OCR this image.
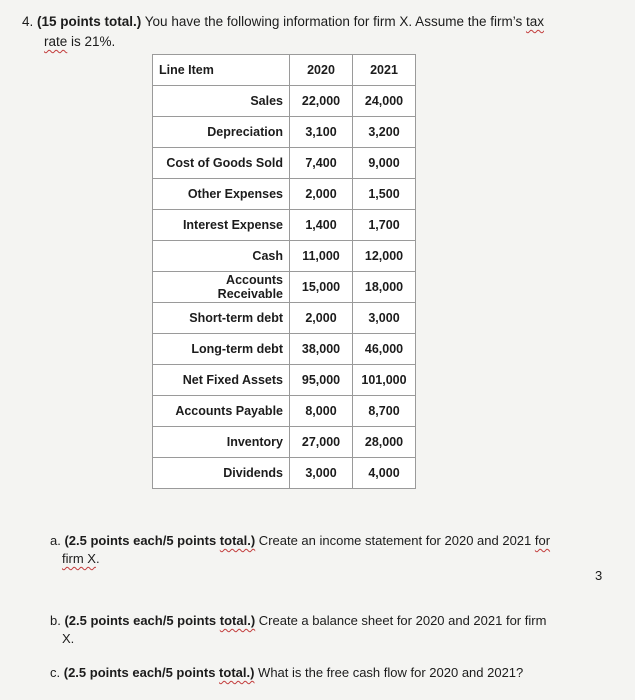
4. (15 points total.) You have the following information for firm X. Assume the firm’s tax
rate is 21%.
Line Item	2020	2021
Sales	22,000	24,000
Depreciation	3,100	3,200
Cost of Goods Sold	7,400	9,000
Other Expenses	2,000	1,500
Interest Expense	1,400	1,700
Cash	11,000	12,000
Accounts Receivable	15,000	18,000
Short-term debt	2,000	3,000
Long-term debt	38,000	46,000
Net Fixed Assets	95,000	101,000
Accounts Payable	8,000	8,700
Inventory	27,000	28,000
Dividends	3,000	4,000
a. (2.5 points each/5 points total.) Create an income statement for 2020 and 2021 for
firm X.
3
b. (2.5 points each/5 points total.) Create a balance sheet for 2020 and 2021 for firm
X.
c. (2.5 points each/5 points total.) What is the free cash flow for 2020 and 2021?
